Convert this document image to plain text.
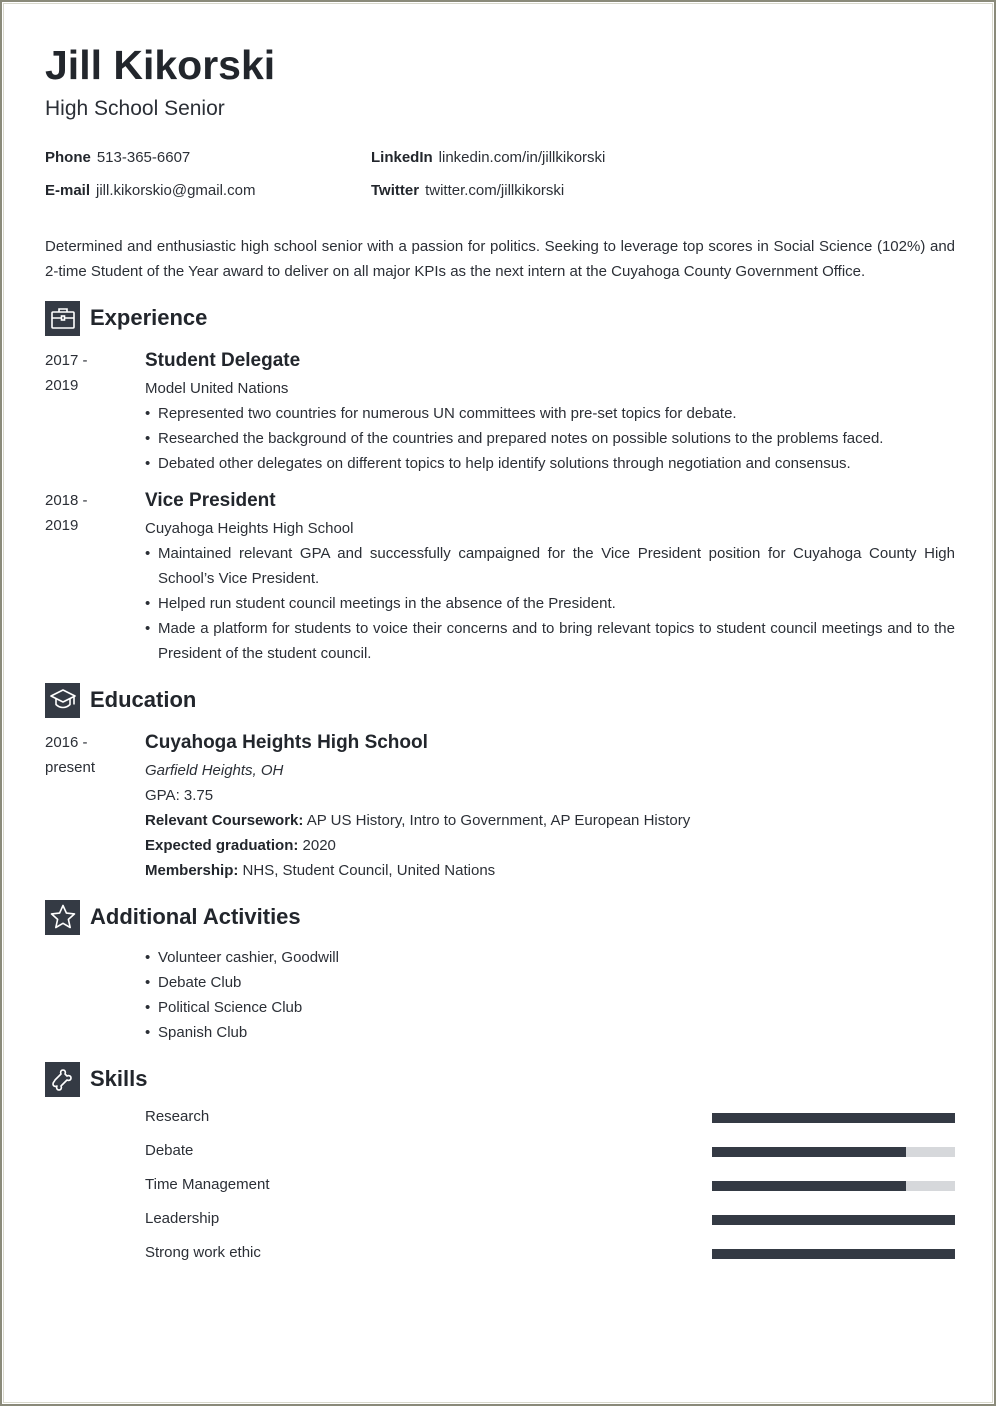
Jill Kikorski
High School Senior
Phone 513-365-6607	LinkedIn linkedin.com/in/jillkikorski
E-mail jill.kikorskio@gmail.com	Twitter twitter.com/jillkikorski

Determined and enthusiastic high school senior with a passion for politics. Seeking to leverage top scores in Social Science (102%) and 2-time Student of the Year award to deliver on all major KPIs as the next intern at the Cuyahoga County Government Office.

Experience
2017 -
2019
Student Delegate
Model United Nations
• Represented two countries for numerous UN committees with pre-set topics for debate.
• Researched the background of the countries and prepared notes on possible solutions to the problems faced.
• Debated other delegates on different topics to help identify solutions through negotiation and consensus.
2018 -
2019
Vice President
Cuyahoga Heights High School
• Maintained relevant GPA and successfully campaigned for the Vice President position for Cuyahoga County High School’s Vice President.
• Helped run student council meetings in the absence of the President.
• Made a platform for students to voice their concerns and to bring relevant topics to student council meetings and to the President of the student council.
Education
2016 -
present
Cuyahoga Heights High School
Garfield Heights, OH
GPA: 3.75
Relevant Coursework: AP US History, Intro to Government, AP European History
Expected graduation: 2020
Membership: NHS, Student Council, United Nations
Additional Activities
• Volunteer cashier, Goodwill
• Debate Club
• Political Science Club
• Spanish Club
Skills
Research
Debate
Time Management
Leadership
Strong work ethic
